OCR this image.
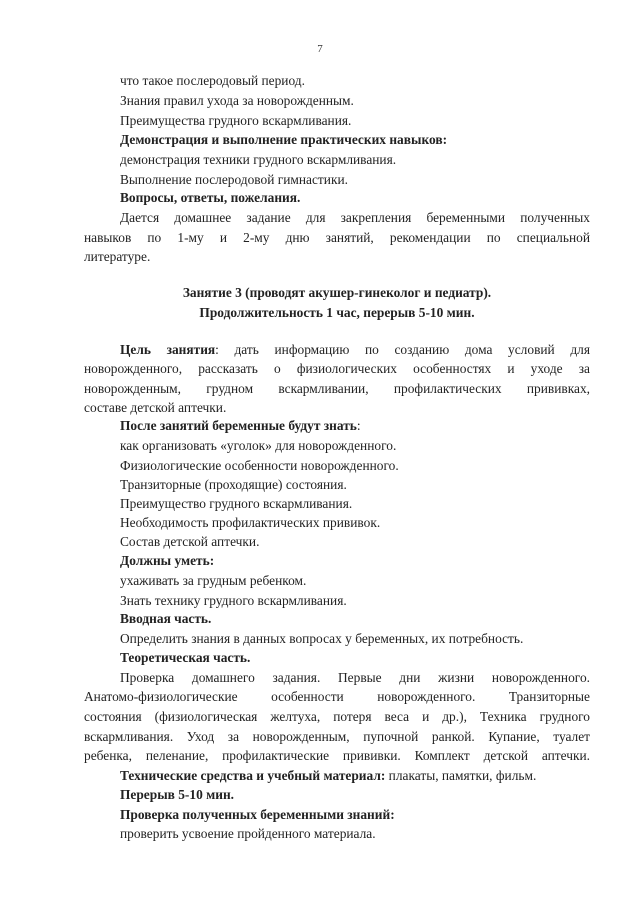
7
что такое послеродовый период.
Знания правил ухода за новорожденным.
Преимущества грудного вскармливания.
Демонстрация и выполнение практических навыков:
демонстрация техники грудного вскармливания.
Выполнение послеродовой гимнастики.
Вопросы, ответы, пожелания.
Дается домашнее задание для закрепления беременными полученных
навыков по 1-му и 2-му дню занятий, рекомендации по специальной
литературе.
Занятие 3 (проводят акушер-гинеколог и педиатр).
Продолжительность 1 час, перерыв 5-10 мин.
Цель занятия: дать информацию по созданию дома условий для
новорожденного, рассказать о физиологических особенностях и уходе за
новорожденным, грудном вскармливании, профилактических прививках,
составе детской аптечки.
После занятий беременные будут знать:
как организовать «уголок» для новорожденного.
Физиологические особенности новорожденного.
Транзиторные (проходящие) состояния.
Преимущество грудного вскармливания.
Необходимость профилактических прививок.
Состав детской аптечки.
Должны уметь:
ухаживать за грудным ребенком.
Знать технику грудного вскармливания.
Вводная часть.
Определить знания в данных вопросах у беременных, их потребность.
Теоретическая часть.
Проверка домашнего задания. Первые дни жизни новорожденного.
Анатомо-физиологические особенности новорожденного. Транзиторные
состояния (физиологическая желтуха, потеря веса и др.), Техника грудного
вскармливания. Уход за новорожденным, пупочной ранкой. Купание, туалет
ребенка, пеленание, профилактические прививки. Комплект детской аптечки.
Технические средства и учебный материал: плакаты, памятки, фильм.
Перерыв 5-10 мин.
Проверка полученных беременными знаний:
проверить усвоение пройденного материала.
